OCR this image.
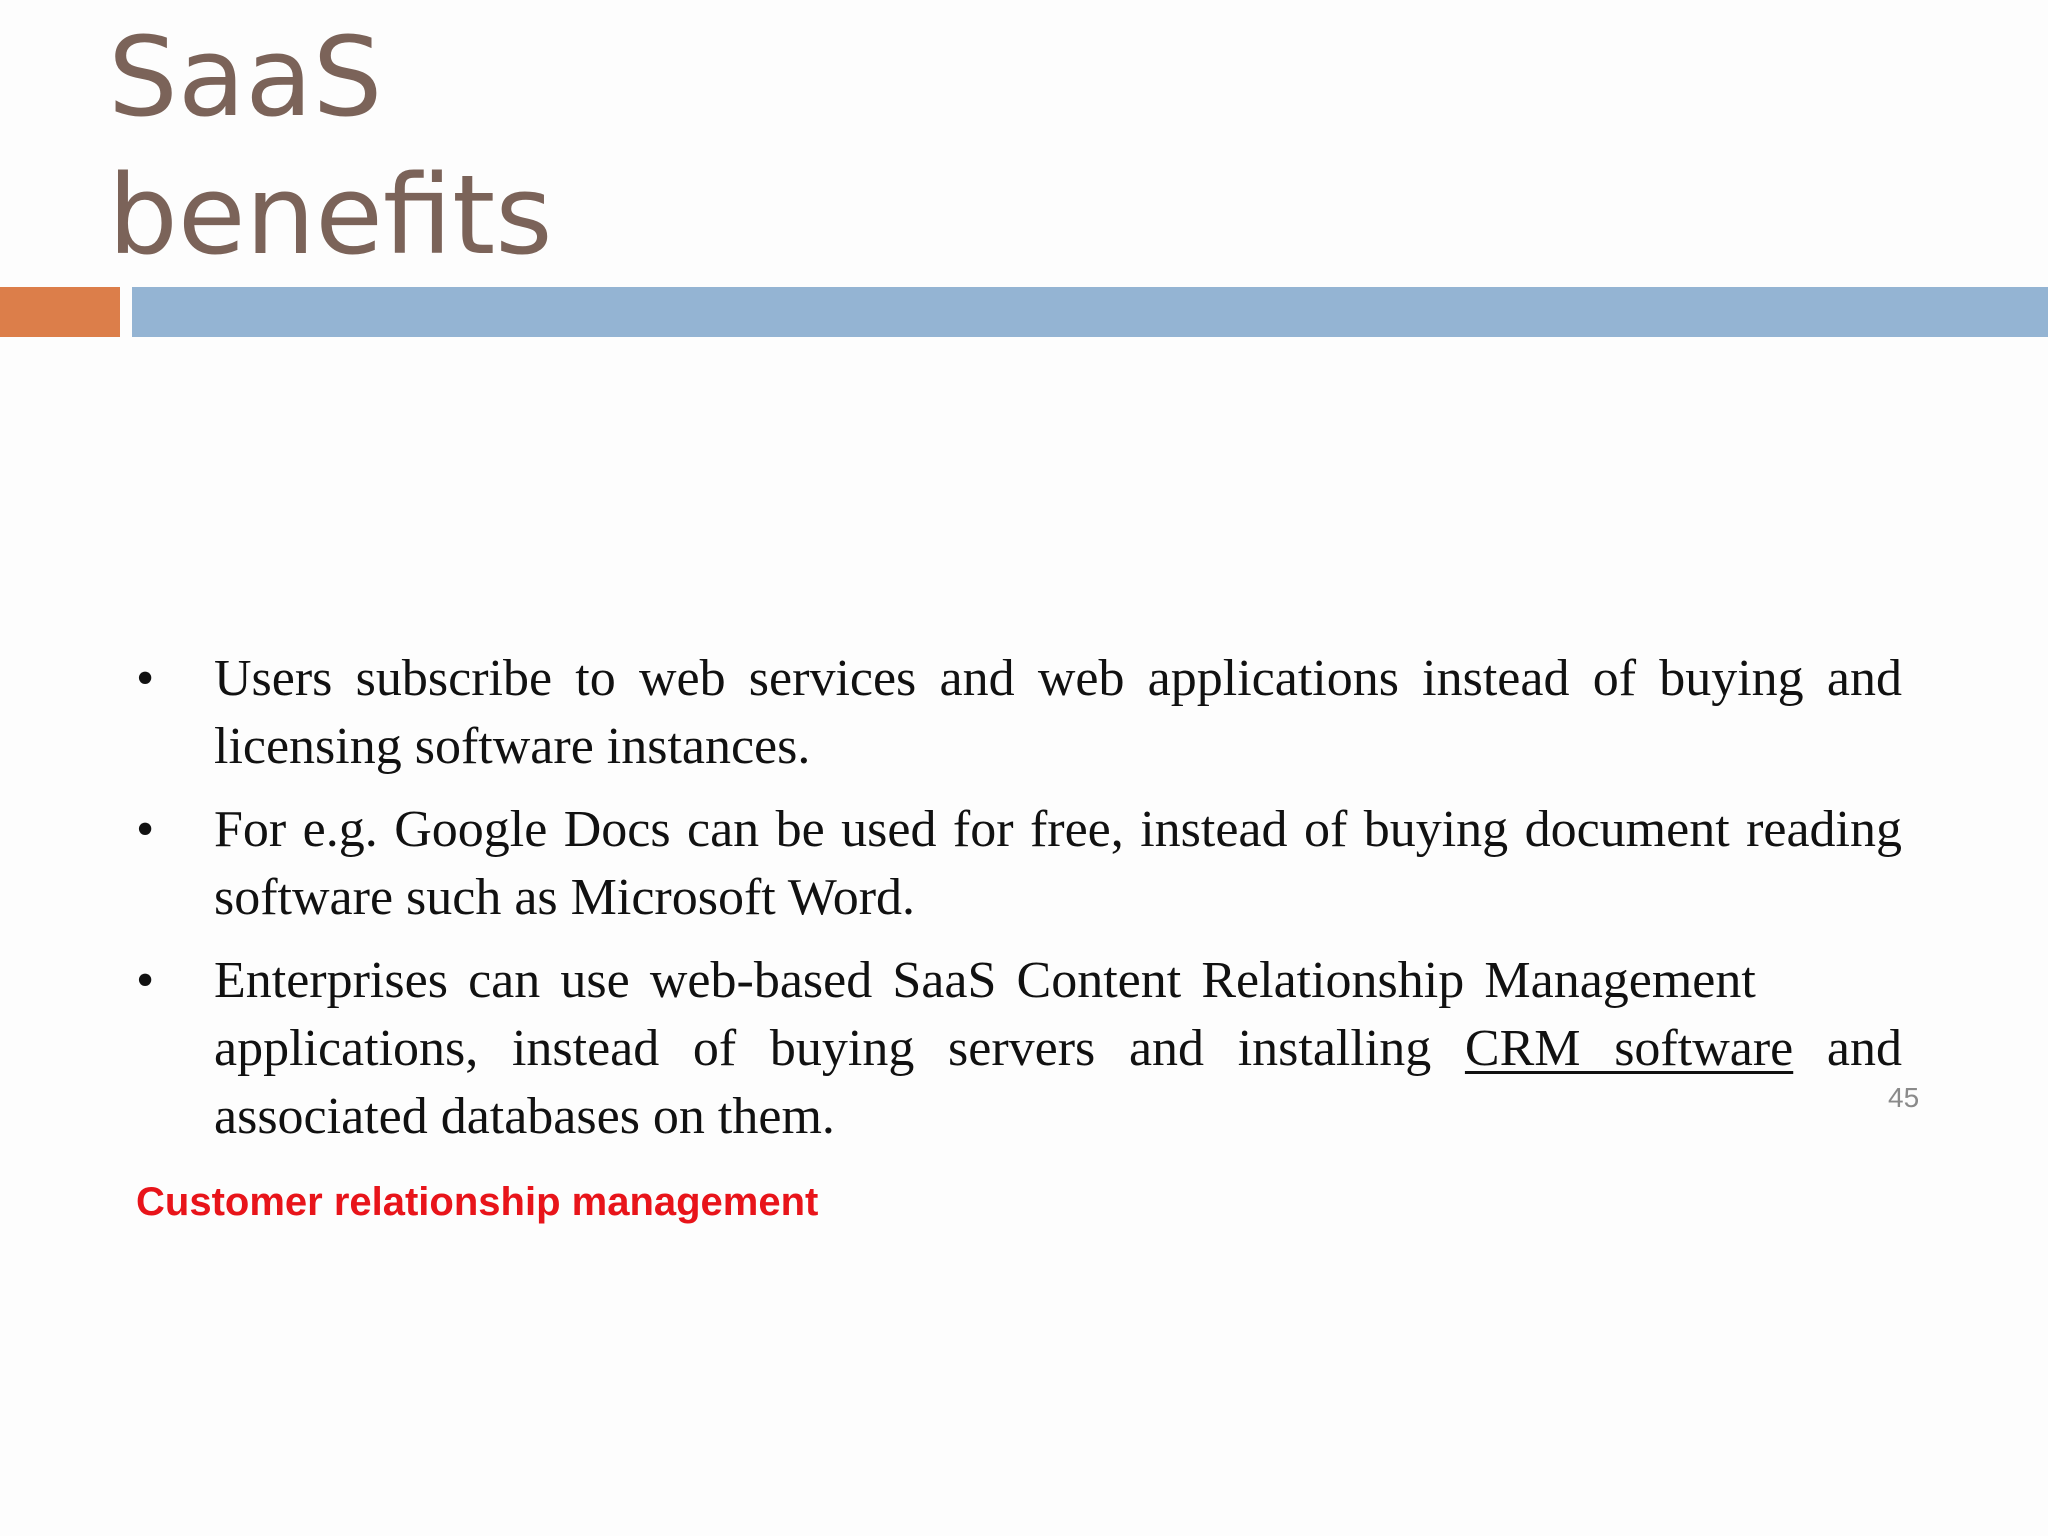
SaaS
benefits
• Users subscribe to web services and web applications instead of buying and licensing software instances.
• For e.g. Google Docs can be used for free, instead of buying document reading software such as Microsoft Word.
• Enterprises can use web-based SaaS Content Relationship Management applications, instead of buying servers and installing CRM software and associated databases on them.	45
Customer relationship management
